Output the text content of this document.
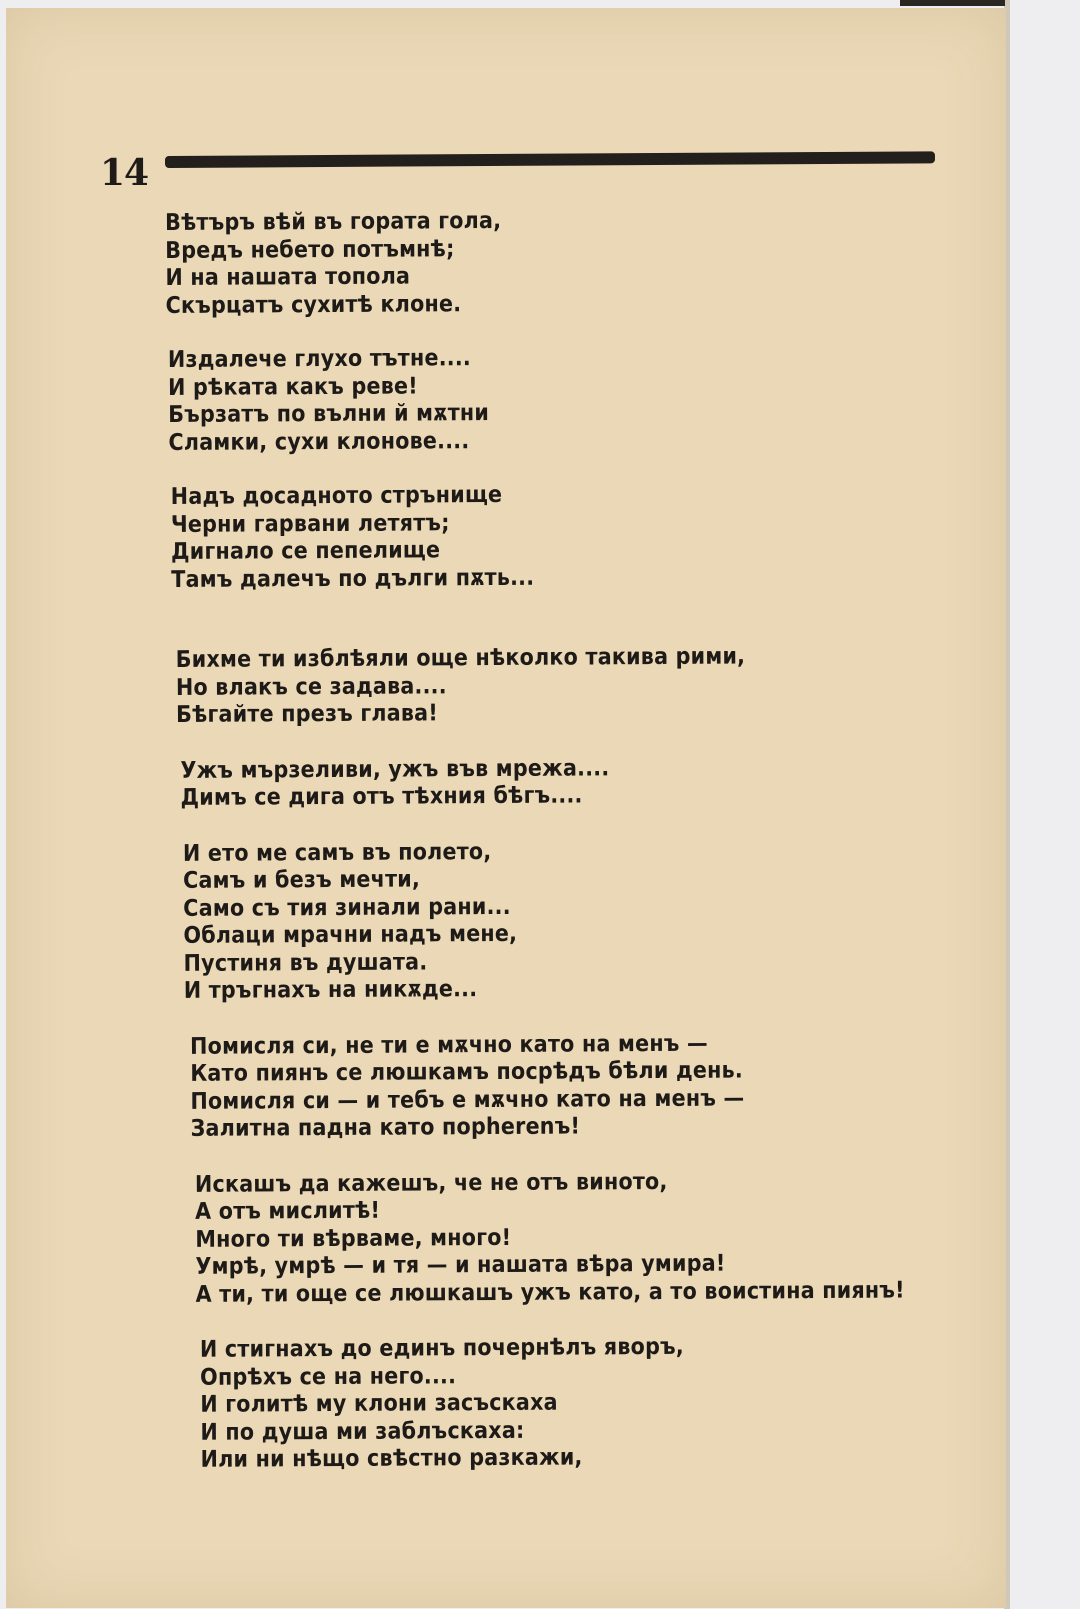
14
Вѣтъръ вѣй въ гората гола,
Вредъ небето потъмнѣ;
И на нашата топола
Скърцатъ сухитѣ клоне.
Издалече глухо тътне....
И рѣката какъ реве!
Бързатъ по вълни й мѫтни
Сламки, сухи клонове....
Надъ досадното стрънище
Черни гарвани летятъ;
Дигнало се пепелище
Тамъ далечъ по дълги пѫть...
Бихме ти изблѣяли още нѣколко такива рими,
Но влакъ се задава....
Бѣгайте презъ глава!
Ужъ мързеливи, ужъ във мрежа....
Димъ се дига отъ тѣхния бѣгъ....
И ето ме самъ въ полето,
Самъ и безъ мечти,
Само съ тия зинали рани...
Облаци мрачни надъ мене,
Пустиня въ душата.
И тръгнахъ на никѫде...
Помисля си, не ти е мѫчно като на менъ —
Като пиянъ се люшкамъ посрѣдъ бѣли день.
Помисля си — и тебъ е мѫчно като на менъ —
Залитна падна като порherenъ!
Искашъ да кажешъ, че не отъ виното,
А отъ мислитѣ!
Много ти вѣрваме, много!
Умрѣ, умрѣ — и тя — и нашата вѣра умира!
А ти, ти още се люшкашъ ужъ като, а то воистина пиянъ!
И стигнахъ до единъ почернѣлъ яворъ,
Опрѣхъ се на него....
И голитѣ му клони засъскаха
И по душа ми заблъскаха:
Или ни нѣщо свѣстно разкажи,
